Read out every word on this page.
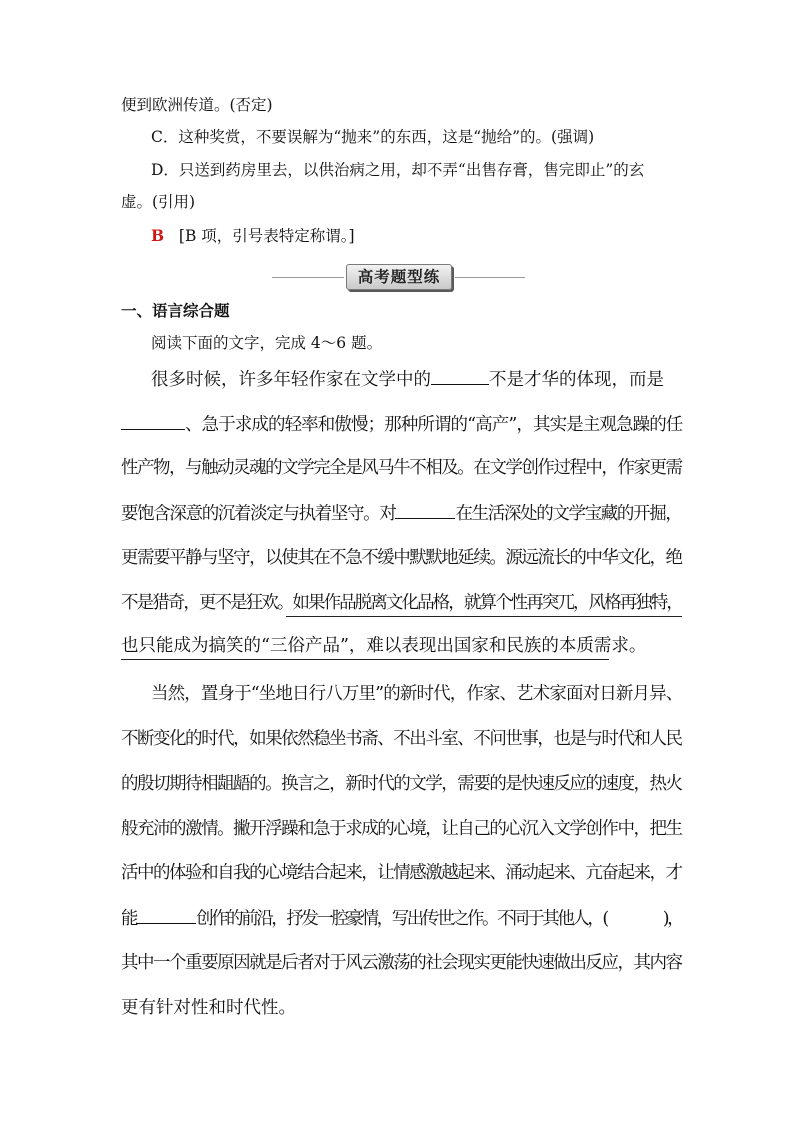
便到欧洲传道。(否定)
C．这种奖赏，不要误解为“抛来”的东西，这是“抛给”的。(强调)
D．只送到药房里去，以供治病之用，却不弄“出售存膏，售完即止”的玄
虚。(引用)
B [B 项，引号表特定称谓。]
高考题型练
一、语言综合题
阅读下面的文字，完成 4～6 题。
很多时候，许多年轻作家在文学中的	不是才华的体现，而是
、急于求成的轻率和傲慢；那种所谓的“高产”，其实是主观急躁的任
性产物，与触动灵魂的文学完全是风马牛不相及。在文学创作过程中，作家更需
要饱含深意的沉着淡定与执着坚守。对	在生活深处的文学宝藏的开掘，
更需要平静与坚守，以使其在不急不缓中默默地延续。源远流长的中华文化，绝
不是猎奇，更不是狂欢。如果作品脱离文化品格，就算个性再突兀，风格再独特，
也只能成为搞笑的“三俗产品”，难以表现出国家和民族的本质需求。
当然，置身于“坐地日行八万里”的新时代，作家、艺术家面对日新月异、
不断变化的时代，如果依然稳坐书斋、不出斗室、不问世事，也是与时代和人民
的殷切期待相龃龉的。换言之，新时代的文学，需要的是快速反应的速度，热火
般充沛的激情。撇开浮躁和急于求成的心境，让自己的心沉入文学创作中，把生
活中的体验和自我的心境结合起来，让情感激越起来、涌动起来、亢奋起来，才
能	创作的前沿，抒发一腔豪情，写出传世之作。不同于其他人，(	)，
其中一个重要原因就是后者对于风云激荡的社会现实更能快速做出反应，其内容
更有针对性和时代性。
